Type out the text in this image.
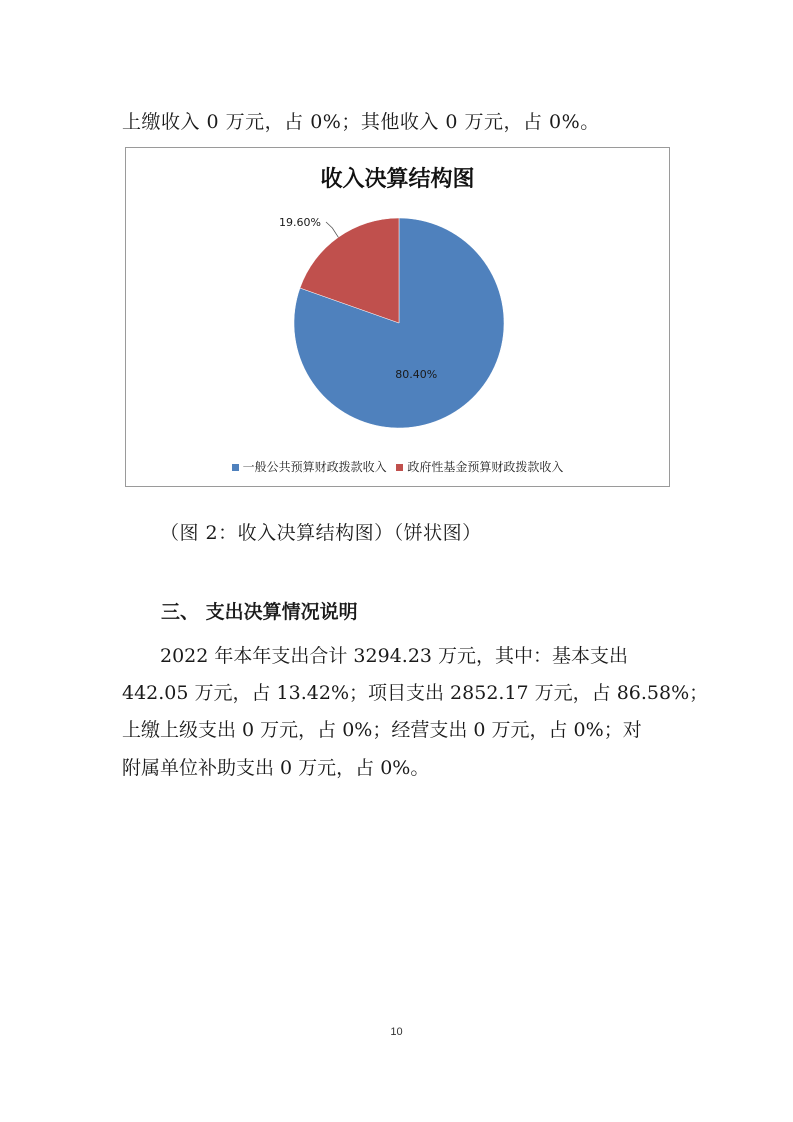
上缴收入 0 万元，占 0%；其他收入 0 万元，占 0%。
收入决算结构图
80.40%
19.60%
一般公共预算财政拨款收入 政府性基金预算财政拨款收入
（图 2：收入决算结构图）（饼状图）
三、 支出决算情况说明
2022 年本年支出合计 3294.23 万元，其中：基本支出
442.05 万元，占 13.42%；项目支出 2852.17 万元，占 86.58%；
上缴上级支出 0 万元，占 0%；经营支出 0 万元，占 0%；对
附属单位补助支出 0 万元，占 0%。
10
